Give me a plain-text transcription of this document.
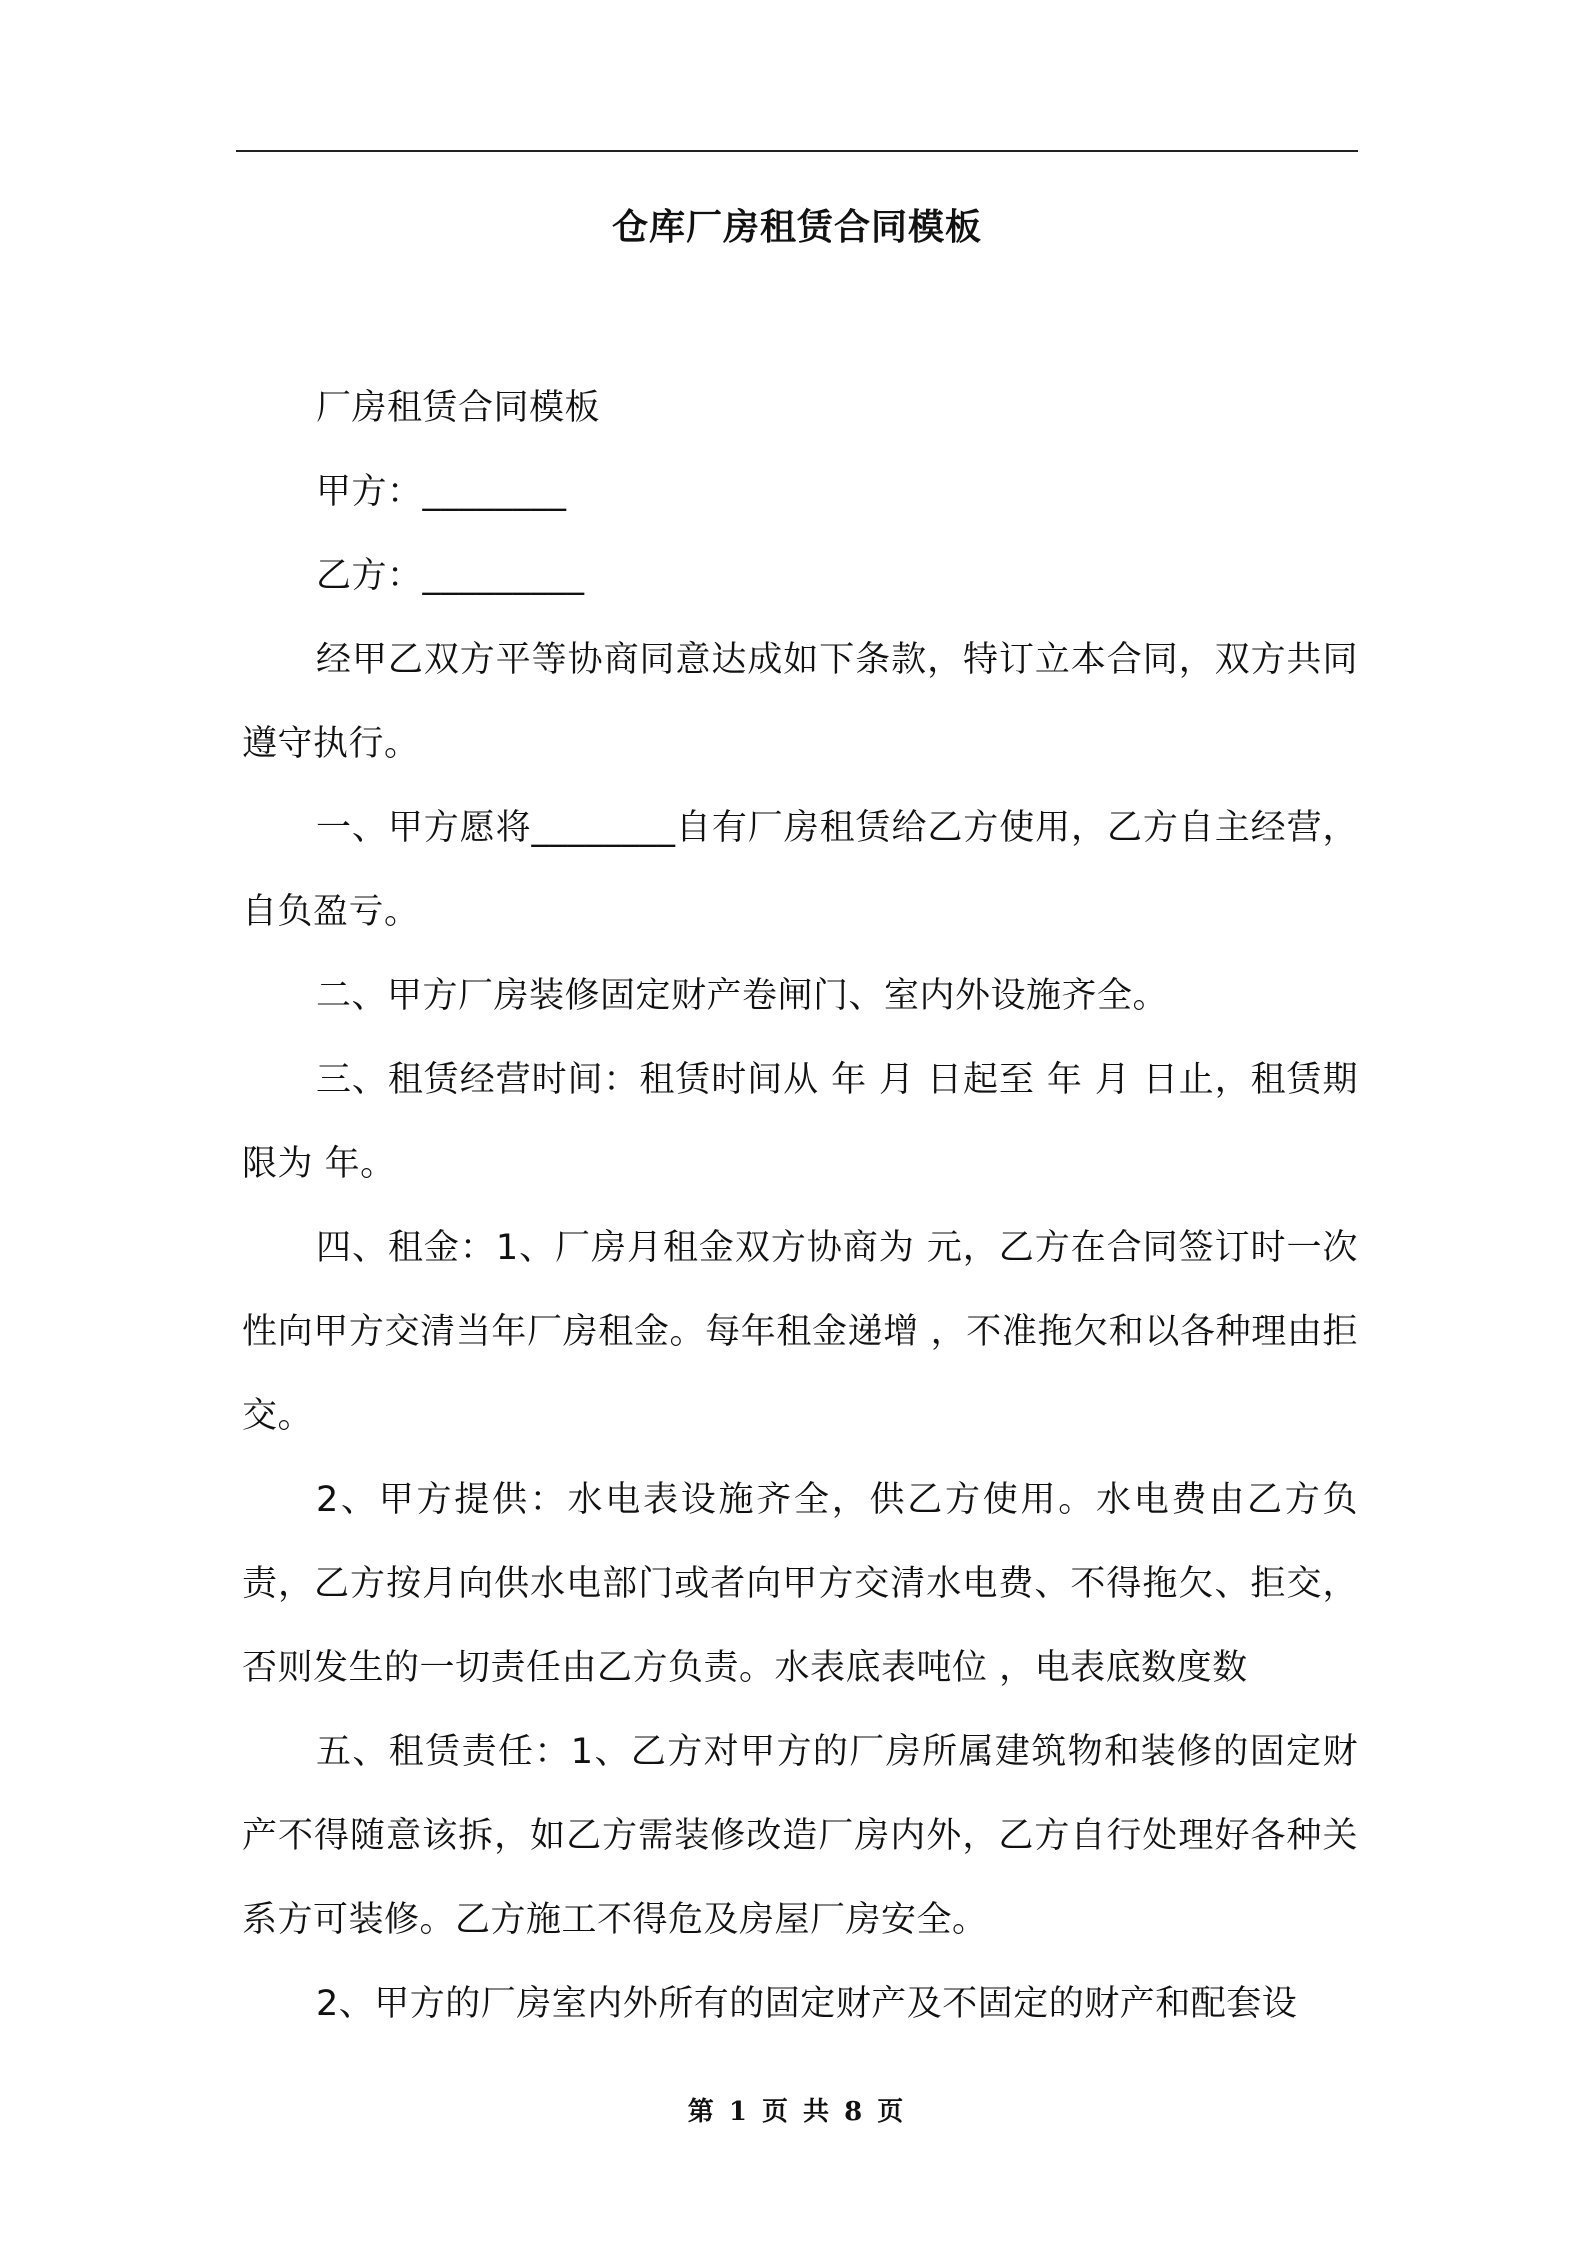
仓库厂房租赁合同模板

厂房租赁合同模板

甲方：________

乙方：_________

经甲乙双方平等协商同意达成如下条款，特订立本合同，双方共同遵守执行。

一、甲方愿将________自有厂房租赁给乙方使用，乙方自主经营，自负盈亏。

二、甲方厂房装修固定财产卷闸门、室内外设施齐全。

三、租赁经营时间：租赁时间从 年 月 日起至 年 月 日止，租赁期限为 年。

四、租金：1、厂房月租金双方协商为 元，乙方在合同签订时一次性向甲方交清当年厂房租金。每年租金递增 ，不准拖欠和以各种理由拒交。

2、甲方提供：水电表设施齐全，供乙方使用。水电费由乙方负责，乙方按月向供水电部门或者向甲方交清水电费、不得拖欠、拒交，否则发生的一切责任由乙方负责。水表底表吨位 ，电表底数度数

五、租赁责任：1、乙方对甲方的厂房所属建筑物和装修的固定财产不得随意该拆，如乙方需装修改造厂房内外，乙方自行处理好各种关系方可装修。乙方施工不得危及房屋厂房安全。

2、甲方的厂房室内外所有的固定财产及不固定的财产和配套设

第 1 页 共 8 页
